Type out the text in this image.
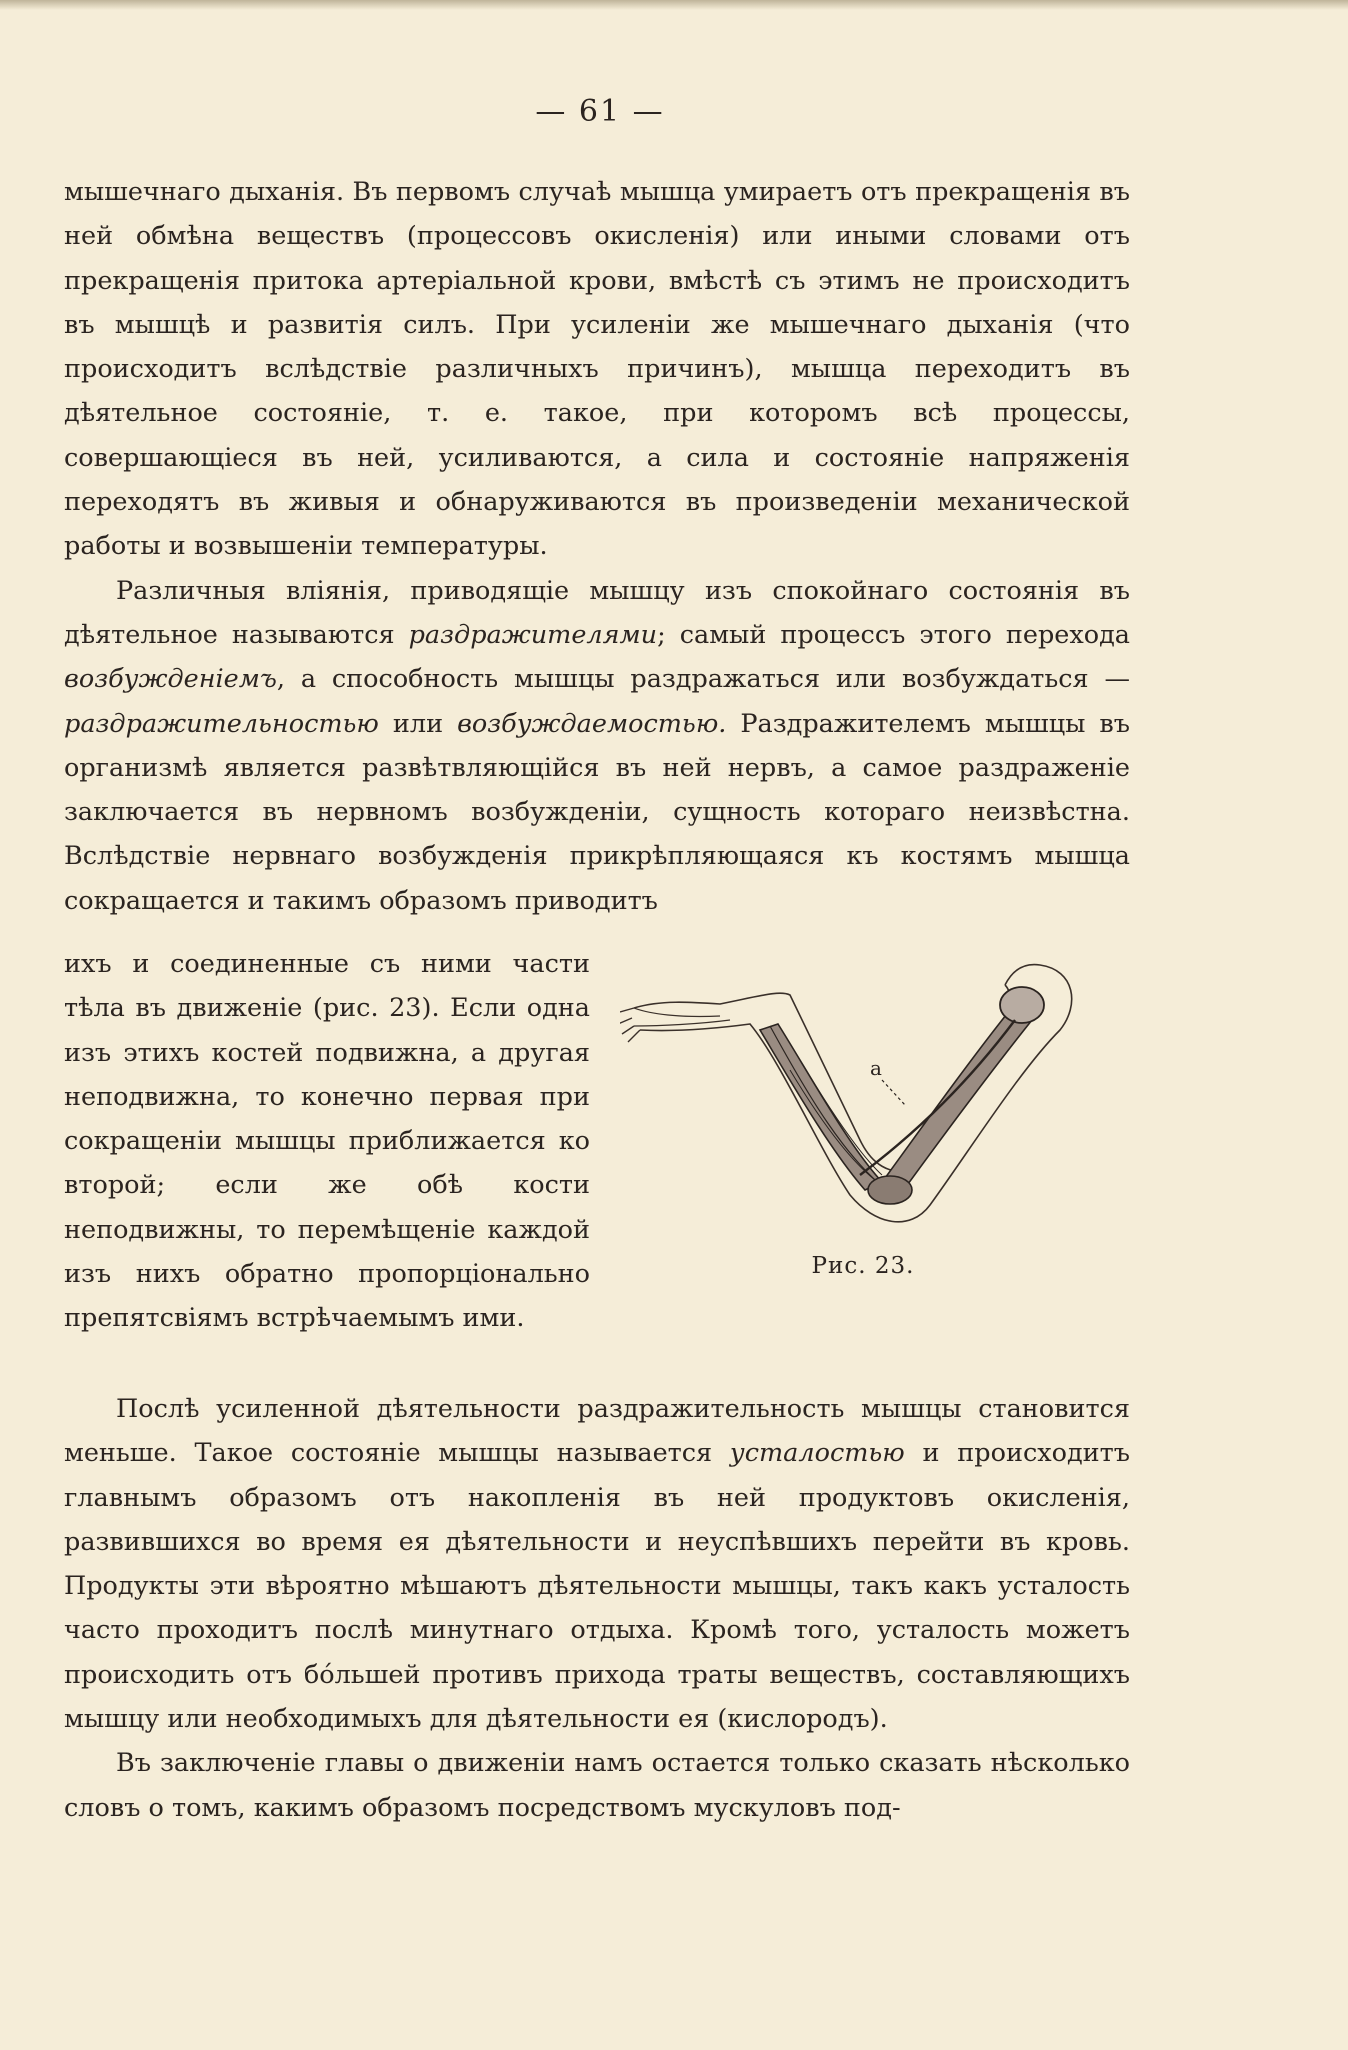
— 61 —

мышечнаго дыханія. Въ первомъ случаѣ мышца умираетъ отъ прекращенія въ ней обмѣна веществъ (процессовъ окисленія) или иными словами отъ прекращенія притока артеріальной крови, вмѣстѣ съ этимъ не происходитъ въ мышцѣ и развитія силъ. При усиленіи же мышечнаго дыханія (что происходитъ вслѣдствіе различныхъ причинъ), мышца переходитъ въ дѣятельное состояніе, т. е. такое, при которомъ всѣ процессы, совершающіеся въ ней, усиливаются, а сила и состояніе напряженія переходятъ въ живыя и обнаруживаются въ произведеніи механической работы и возвышеніи температуры.

Различныя вліянія, приводящіе мышцу изъ спокойнаго состоянія въ дѣятельное называются раздражителями; самый процессъ этого перехода возбужденіемъ, а способность мышцы раздражаться или возбуждаться — раздражительностью или возбуждаемостью. Раздражителемъ мышцы въ организмѣ является развѣтвляющійся въ ней нервъ, а самое раздраженіе заключается въ нервномъ возбужденіи, сущность котораго неизвѣстна. Вслѣдствіе нервнаго возбужденія прикрѣпляющаяся къ костямъ мышца сокращается и такимъ образомъ приводитъ

ихъ и соединенные съ ними части тѣла въ движеніе (рис. 23). Если одна изъ этихъ костей подвижна, а другая неподвижна, то конечно первая при сокращеніи мышцы приближается ко второй; если же обѣ кости неподвижны, то перемѣщеніе каждой изъ нихъ обратно пропорціонально препятсвіямъ встрѣчаемымъ ими.

a
Рис. 23.

Послѣ усиленной дѣятельности раздражительность мышцы становится меньше. Такое состояніе мышцы называется усталостью и происходитъ главнымъ образомъ отъ накопленія въ ней продуктовъ окисленія, развившихся во время ея дѣятельности и неуспѣвшихъ перейти въ кровь. Продукты эти вѣроятно мѣшаютъ дѣятельности мышцы, такъ какъ усталость часто проходитъ послѣ минутнаго отдыха. Кромѣ того, усталость можетъ происходить отъ бóльшей противъ прихода траты веществъ, составляющихъ мышцу или необходимыхъ для дѣятельности ея (кислородъ).

Въ заключеніе главы о движеніи намъ остается только сказать нѣсколько словъ о томъ, какимъ образомъ посредствомъ мускуловъ под-
